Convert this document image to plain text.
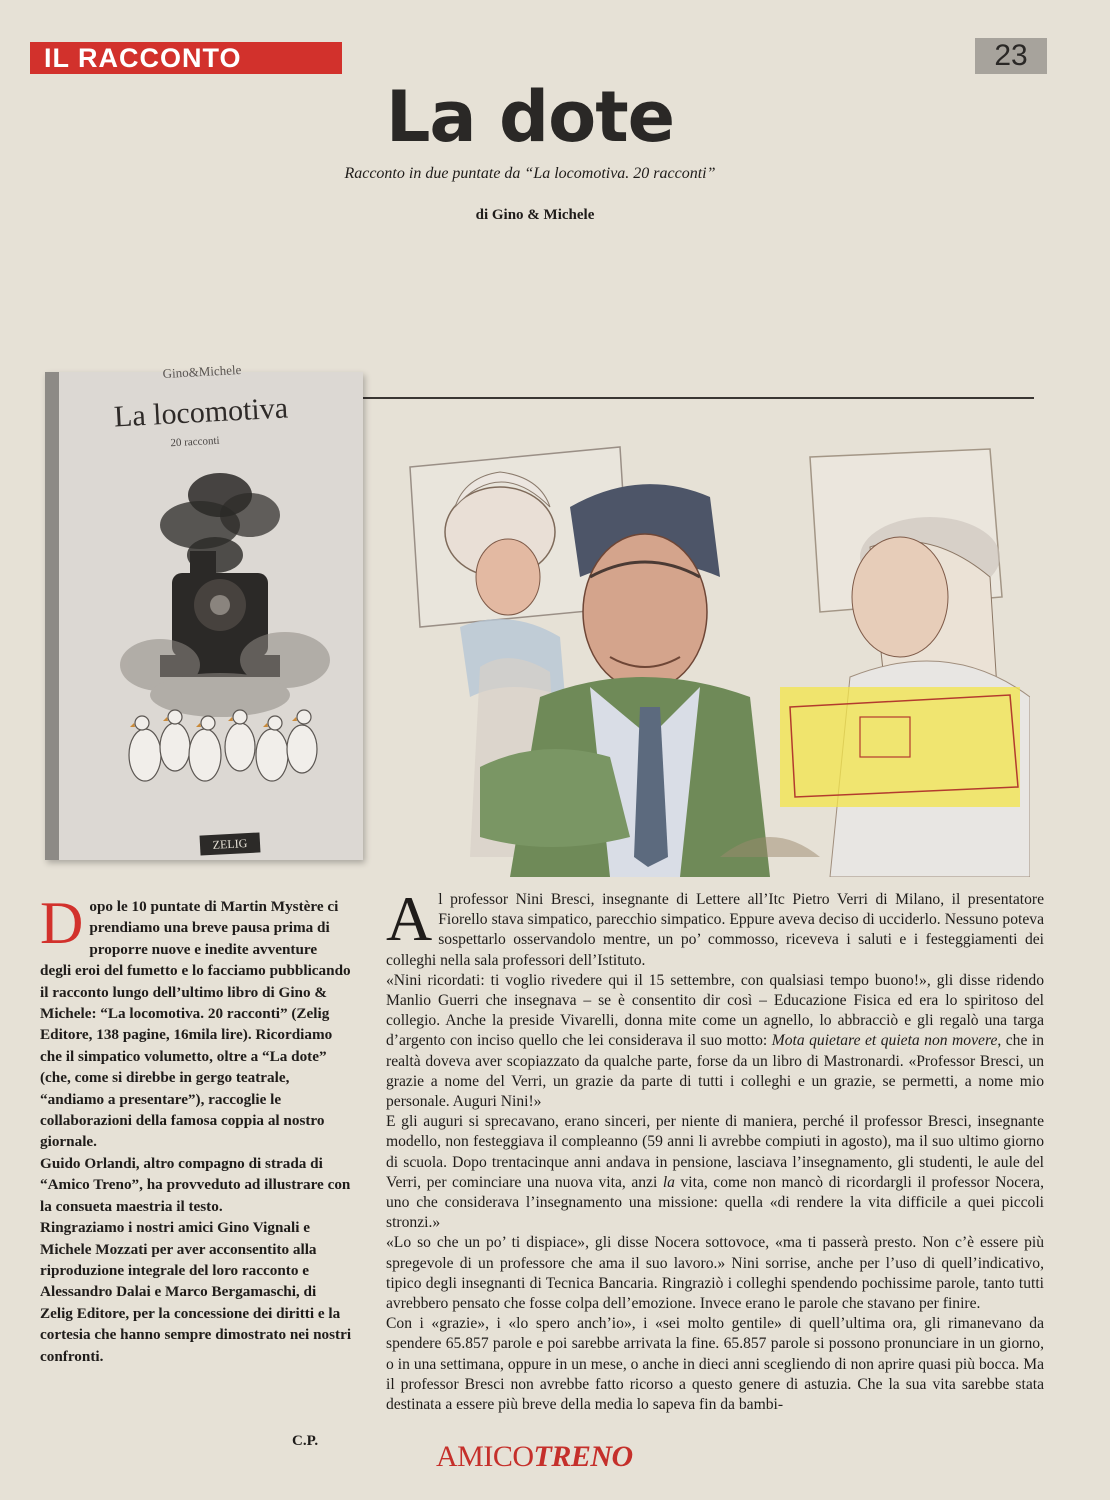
IL RACCONTO	23
La dote
Racconto in due puntate da “La locomotiva. 20 racconti”
di Gino & Michele
Gino&Michele
La locomotiva
20 racconti
ZELIG

Dopo le 10 puntate di Martin Mystère ci prendiamo una breve pausa prima di proporre nuove e inedite avventure degli eroi del fumetto e lo facciamo pubblicando il racconto lungo dell’ultimo libro di Gino & Michele: “La locomotiva. 20 racconti” (Zelig Editore, 138 pagine, 16mila lire). Ricordiamo che il simpatico volumetto, oltre a “La dote” (che, come si direbbe in gergo teatrale, “andiamo a presentare”), raccoglie le collaborazioni della famosa coppia al nostro giornale.

Guido Orlandi, altro compagno di strada di “Amico Treno”, ha provveduto ad illustrare con la consueta maestria il testo.

Ringraziamo i nostri amici Gino Vignali e Michele Mozzati per aver acconsentito alla riproduzione integrale del loro racconto e Alessandro Dalai e Marco Bergamaschi, di Zelig Editore, per la concessione dei diritti e la cortesia che hanno sempre dimostrato nei nostri confronti.

C.P.

Al professor Nini Bresci, insegnante di Lettere all’Itc Pietro Verri di Milano, il presentatore Fiorello stava simpatico, parecchio simpatico. Eppure aveva deciso di ucciderlo. Nessuno poteva sospettarlo osservandolo mentre, un po’ commosso, riceveva i saluti e i festeggiamenti dei colleghi nella sala professori dell’Istituto.

«Nini ricordati: ti voglio rivedere qui il 15 settembre, con qualsiasi tempo buono!», gli disse ridendo Manlio Guerri che insegnava – se è consentito dir così – Educazione Fisica ed era lo spiritoso del collegio. Anche la preside Vivarelli, donna mite come un agnello, lo abbracciò e gli regalò una targa d’argento con inciso quello che lei considerava il suo motto: Mota quietare et quieta non movere, che in realtà doveva aver scopiazzato da qualche parte, forse da un libro di Mastronardi. «Professor Bresci, un grazie a nome del Verri, un grazie da parte di tutti i colleghi e un grazie, se permetti, a nome mio personale. Auguri Nini!»

E gli auguri si sprecavano, erano sinceri, per niente di maniera, perché il professor Bresci, insegnante modello, non festeggiava il compleanno (59 anni li avrebbe compiuti in agosto), ma il suo ultimo giorno di scuola. Dopo trentacinque anni andava in pensione, lasciava l’insegnamento, gli studenti, le aule del Verri, per cominciare una nuova vita, anzi la vita, come non mancò di ricordargli il professor Nocera, uno che considerava l’insegnamento una missione: quella «di rendere la vita difficile a quei piccoli stronzi.»

«Lo so che un po’ ti dispiace», gli disse Nocera sottovoce, «ma ti passerà presto. Non c’è essere più spregevole di un professore che ama il suo lavoro.» Nini sorrise, anche per l’uso di quell’indicativo, tipico degli insegnanti di Tecnica Bancaria. Ringraziò i colleghi spendendo pochissime parole, tanto tutti avrebbero pensato che fosse colpa dell’emozione. Invece erano le parole che stavano per finire.

Con i «grazie», i «lo spero anch’io», i «sei molto gentile» di quell’ultima ora, gli rimanevano da spendere 65.857 parole e poi sarebbe arrivata la fine. 65.857 parole si possono pronunciare in un giorno, o in una settimana, oppure in un mese, o anche in dieci anni scegliendo di non aprire quasi più bocca. Ma il professor Bresci non avrebbe fatto ricorso a questo genere di astuzia. Che la sua vita sarebbe stata destinata a essere più breve della media lo sapeva fin da bambi-

AMICOTRENO
